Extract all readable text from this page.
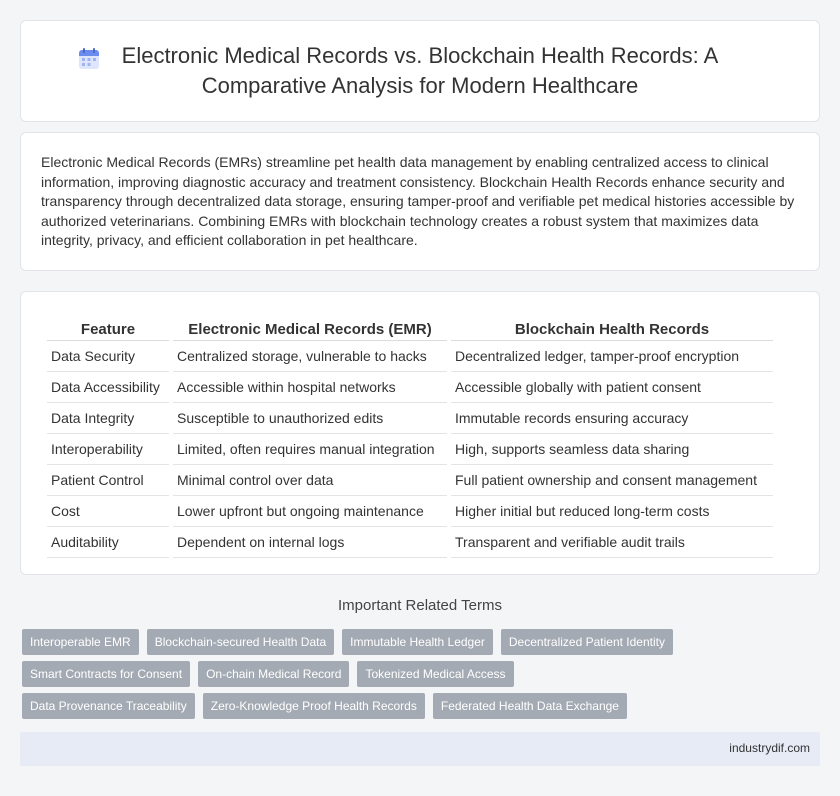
Electronic Medical Records vs. Blockchain Health Records: A Comparative Analysis for Modern Healthcare

Electronic Medical Records (EMRs) streamline pet health data management by enabling centralized access to clinical information, improving diagnostic accuracy and treatment consistency. Blockchain Health Records enhance security and transparency through decentralized data storage, ensuring tamper-proof and verifiable pet medical histories accessible by authorized veterinarians. Combining EMRs with blockchain technology creates a robust system that maximizes data integrity, privacy, and efficient collaboration in pet healthcare.

Feature	Electronic Medical Records (EMR)	Blockchain Health Records
Data Security	Centralized storage, vulnerable to hacks	Decentralized ledger, tamper-proof encryption
Data Accessibility	Accessible within hospital networks	Accessible globally with patient consent
Data Integrity	Susceptible to unauthorized edits	Immutable records ensuring accuracy
Interoperability	Limited, often requires manual integration	High, supports seamless data sharing
Patient Control	Minimal control over data	Full patient ownership and consent management
Cost	Lower upfront but ongoing maintenance	Higher initial but reduced long-term costs
Auditability	Dependent on internal logs	Transparent and verifiable audit trails
Important Related Terms
Interoperable EMR	Blockchain-secured Health Data	Immutable Health Ledger	Decentralized Patient Identity
Smart Contracts for Consent	On-chain Medical Record	Tokenized Medical Access
Data Provenance Traceability	Zero-Knowledge Proof Health Records	Federated Health Data Exchange
industrydif.com
